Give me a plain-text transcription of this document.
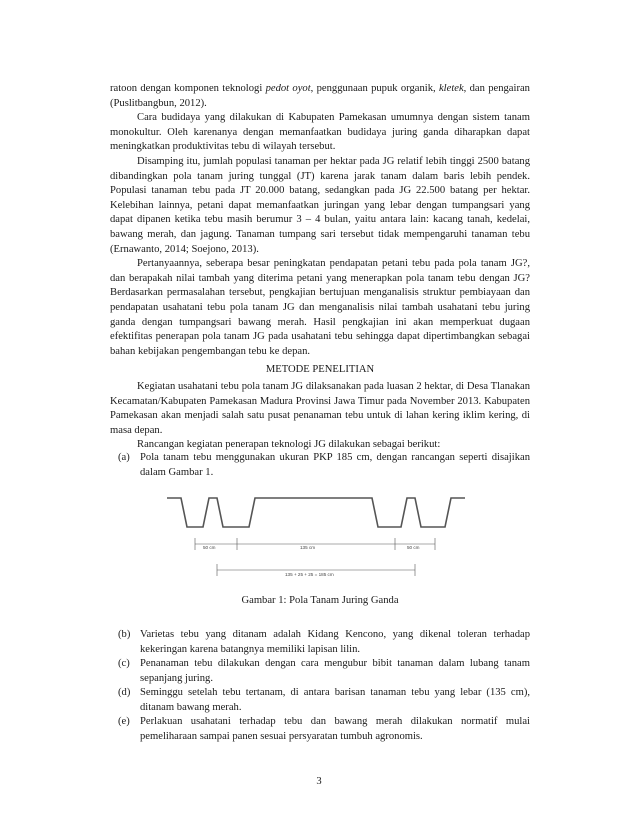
ratoon dengan komponen teknologi pedot oyot, penggunaan pupuk organik, kletek, dan pengairan (Puslitbangbun, 2012).

Cara budidaya yang dilakukan di Kabupaten Pamekasan umumnya dengan sistem tanam monokultur. Oleh karenanya dengan memanfaatkan budidaya juring ganda diharapkan dapat meningkatkan produktivitas tebu di wilayah tersebut.

Disamping itu, jumlah populasi tanaman per hektar pada JG relatif lebih tinggi 2500 batang dibandingkan pola tanam juring tunggal (JT) karena jarak tanam dalam baris lebih pendek. Populasi tanaman tebu pada JT 20.000 batang, sedangkan pada JG 22.500 batang per hektar. Kelebihan lainnya, petani dapat memanfaatkan juringan yang lebar dengan tumpangsari yang dapat dipanen ketika tebu masih berumur 3 – 4 bulan, yaitu antara lain: kacang tanah, kedelai, bawang merah, dan jagung. Tanaman tumpang sari tersebut tidak mempengaruhi tanaman tebu (Ernawanto, 2014; Soejono, 2013).

Pertanyaannya, seberapa besar peningkatan pendapatan petani tebu pada pola tanam JG?, dan berapakah nilai tambah yang diterima petani yang menerapkan pola tanam tebu dengan JG? Berdasarkan permasalahan tersebut, pengkajian bertujuan menganalisis struktur pembiayaan dan pendapatan usahatani tebu pola tanam JG dan menganalisis nilai tambah usahatani tebu juring ganda dengan tumpangsari bawang merah. Hasil pengkajian ini akan memperkuat dugaan efektifitas penerapan pola tanam JG pada usahatani tebu sehingga dapat dipertimbangkan sebagai bahan kebijakan pengembangan tebu ke depan.

METODE PENELITIAN

Kegiatan usahatani tebu pola tanam JG dilaksanakan pada luasan 2 hektar, di Desa Tlanakan Kecamatan/Kabupaten Pamekasan Madura Provinsi Jawa Timur pada November 2013. Kabupaten Pamekasan akan menjadi salah satu pusat penanaman tebu untuk di lahan kering iklim kering, di masa depan.

Rancangan kegiatan penerapan teknologi JG dilakukan sebagai berikut:

(a) Pola tanam tebu menggunakan ukuran PKP 185 cm, dengan rancangan seperti disajikan dalam Gambar 1.
50 cm	135 cm	50 cm
135 + 25 + 25 = 185 cm
Gambar 1: Pola Tanam Juring Ganda
(b) Varietas tebu yang ditanam adalah Kidang Kencono, yang dikenal toleran terhadap kekeringan karena batangnya memiliki lapisan lilin.
(c) Penanaman tebu dilakukan dengan cara mengubur bibit tanaman dalam lubang tanam sepanjang juring.
(d) Seminggu setelah tebu tertanam, di antara barisan tanaman tebu yang lebar (135 cm), ditanam bawang merah.
(e) Perlakuan usahatani terhadap tebu dan bawang merah dilakukan normatif mulai pemeliharaan sampai panen sesuai persyaratan tumbuh agronomis.
3
